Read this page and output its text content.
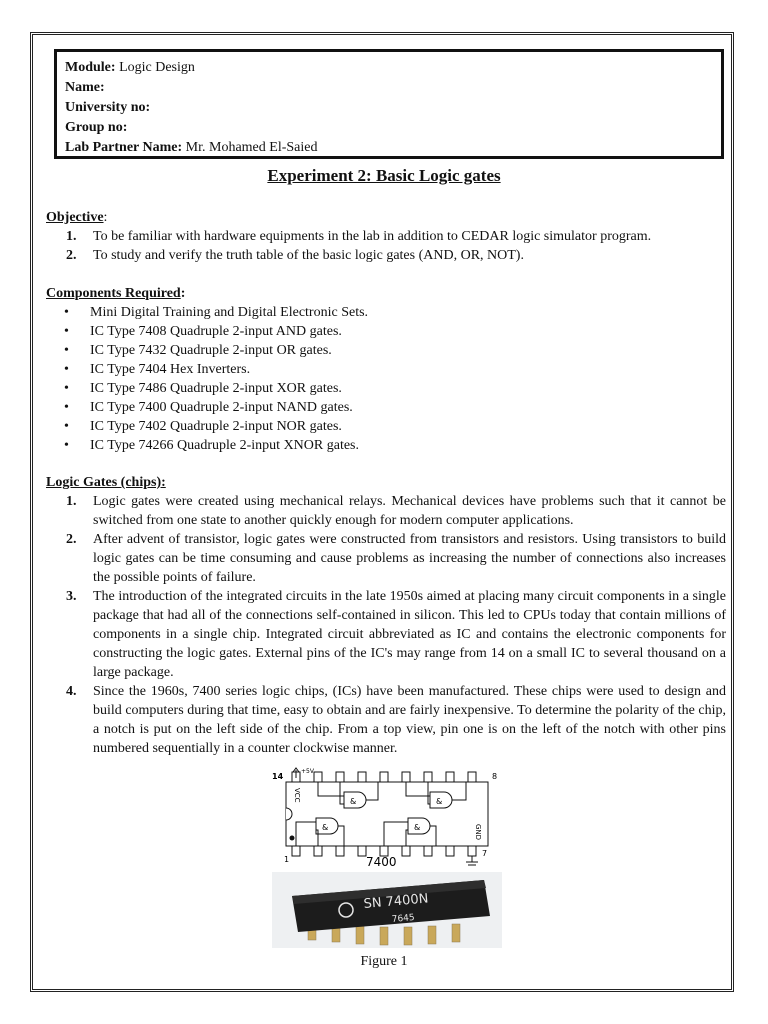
Module: Logic Design
Name:
University no:
Group no:
Lab Partner Name: Mr. Mohamed El-Saied
Experiment 2: Basic Logic gates
Objective:
1. To be familiar with hardware equipments in the lab in addition to CEDAR logic simulator program.
2. To study and verify the truth table of the basic logic gates (AND, OR, NOT).
Components Required:
• Mini Digital Training and Digital Electronic Sets.
• IC Type 7408 Quadruple 2-input AND gates.
• IC Type 7432 Quadruple 2-input OR gates.
• IC Type 7404 Hex Inverters.
• IC Type 7486 Quadruple 2-input XOR gates.
• IC Type 7400 Quadruple 2-input NAND gates.
• IC Type 7402 Quadruple 2-input NOR gates.
• IC Type 74266 Quadruple 2-input XNOR gates.
Logic Gates (chips):
1. Logic gates were created using mechanical relays. Mechanical devices have problems such that it cannot be switched from one state to another quickly enough for modern computer applications.
2. After advent of transistor, logic gates were constructed from transistors and resistors. Using transistors to build logic gates can be time consuming and cause problems as increasing the number of connections also increases the possible points of failure.
3. The introduction of the integrated circuits in the late 1950s aimed at placing many circuit components in a single package that had all of the connections self-contained in silicon. This led to CPUs today that contain millions of components in a single chip. Integrated circuit abbreviated as IC and contains the electronic components for constructing the logic gates. External pins of the IC's may range from 14 on a small IC to several thousand on a large package.
4. Since the 1960s, 7400 series logic chips, (ICs) have been manufactured. These chips were used to design and build computers during that time, easy to obtain and are fairly inexpensive. To determine the polarity of the chip, a notch is put on the left side of the chip. From a top view, pin one is on the left of the notch with other pins numbered sequentially in a counter clockwise manner.
14
+5V
8
1
7
VCC
GND
&	&
&	&
7400
SN 7400N
7645
Figure 1
